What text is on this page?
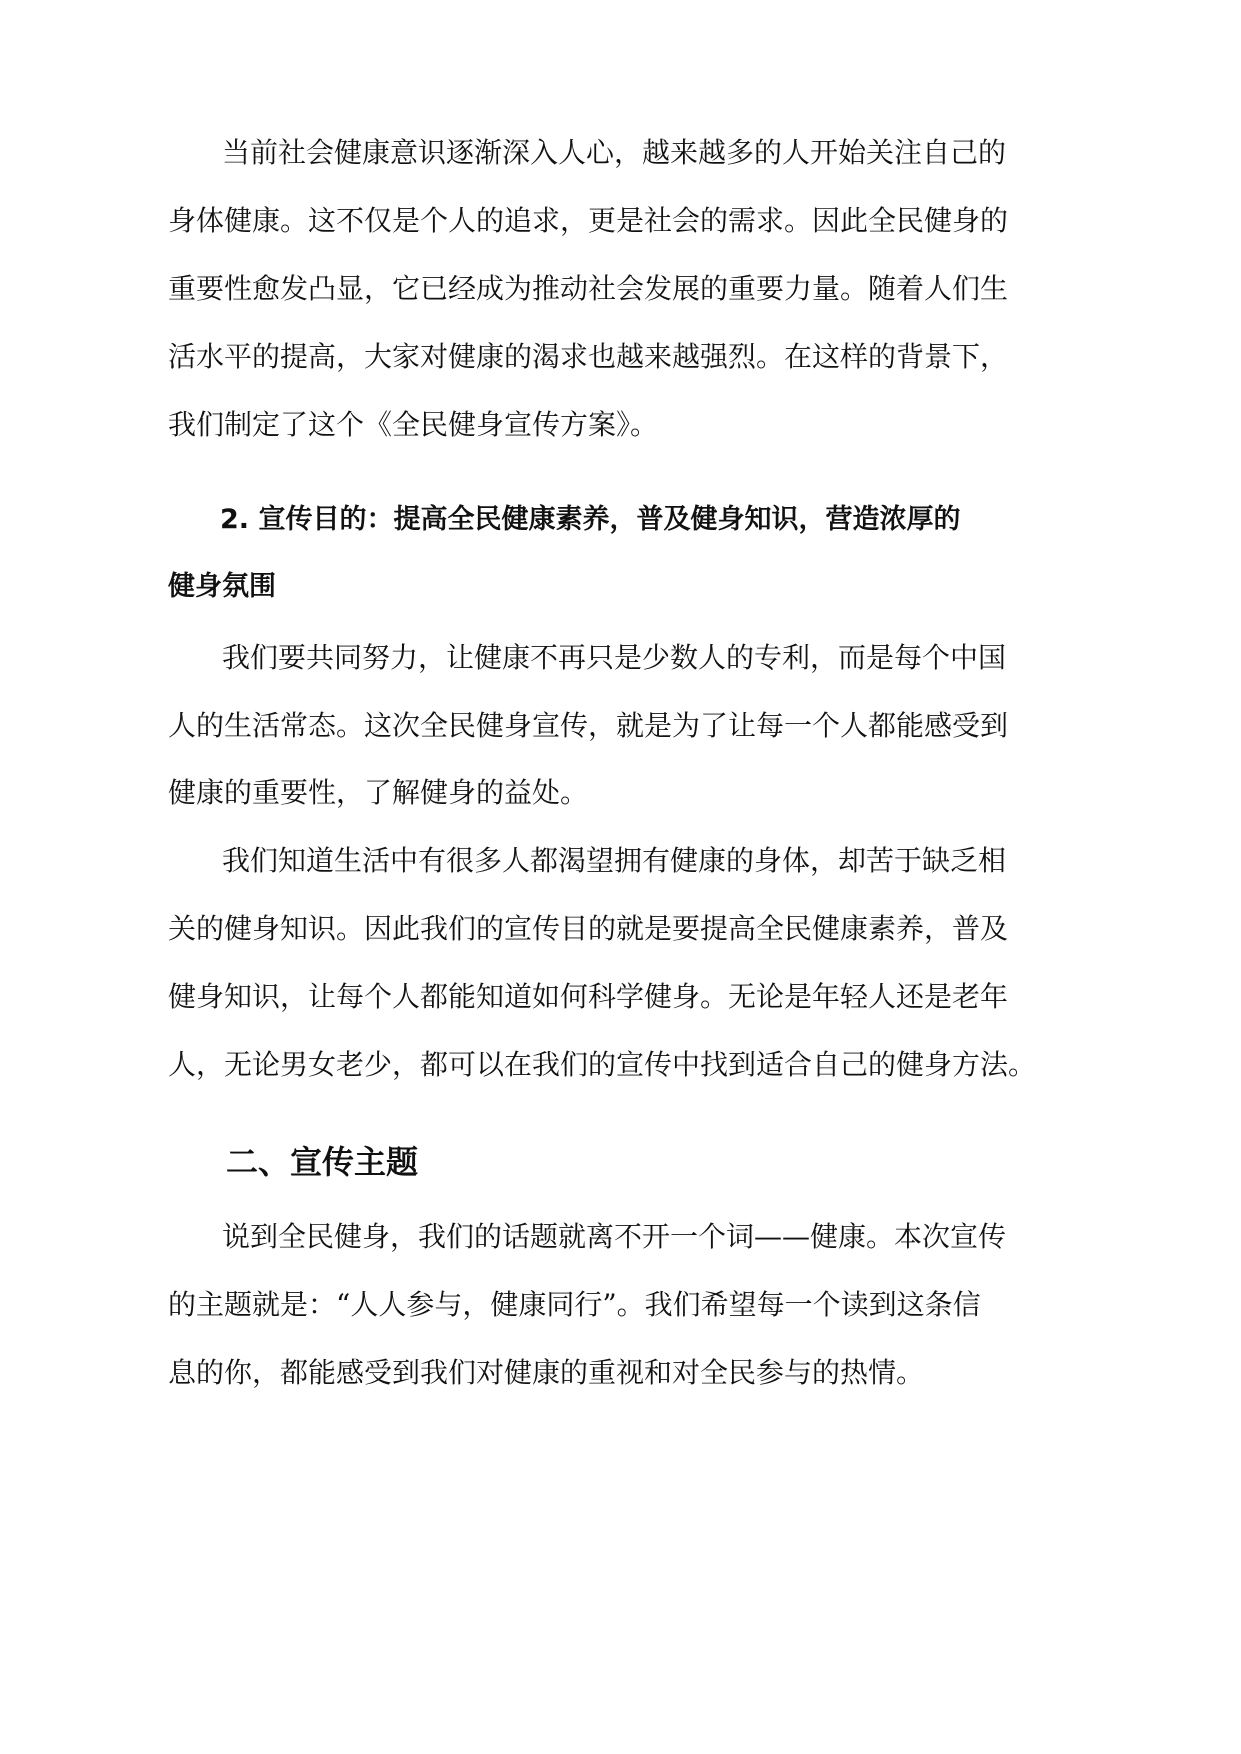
当前社会健康意识逐渐深入人心，越来越多的人开始关注自己的
身体健康。这不仅是个人的追求，更是社会的需求。因此全民健身的
重要性愈发凸显，它已经成为推动社会发展的重要力量。随着人们生
活水平的提高，大家对健康的渴求也越来越强烈。在这样的背景下，
我们制定了这个《全民健身宣传方案》。
2. 宣传目的：提高全民健康素养，普及健身知识，营造浓厚的
健身氛围
我们要共同努力，让健康不再只是少数人的专利，而是每个中国
人的生活常态。这次全民健身宣传，就是为了让每一个人都能感受到
健康的重要性，了解健身的益处。
我们知道生活中有很多人都渴望拥有健康的身体，却苦于缺乏相
关的健身知识。因此我们的宣传目的就是要提高全民健康素养，普及
健身知识，让每个人都能知道如何科学健身。无论是年轻人还是老年
人，无论男女老少，都可以在我们的宣传中找到适合自己的健身方法。
二、宣传主题
说到全民健身，我们的话题就离不开一个词——健康。本次宣传
的主题就是：“人人参与，健康同行”。我们希望每一个读到这条信
息的你，都能感受到我们对健康的重视和对全民参与的热情。
